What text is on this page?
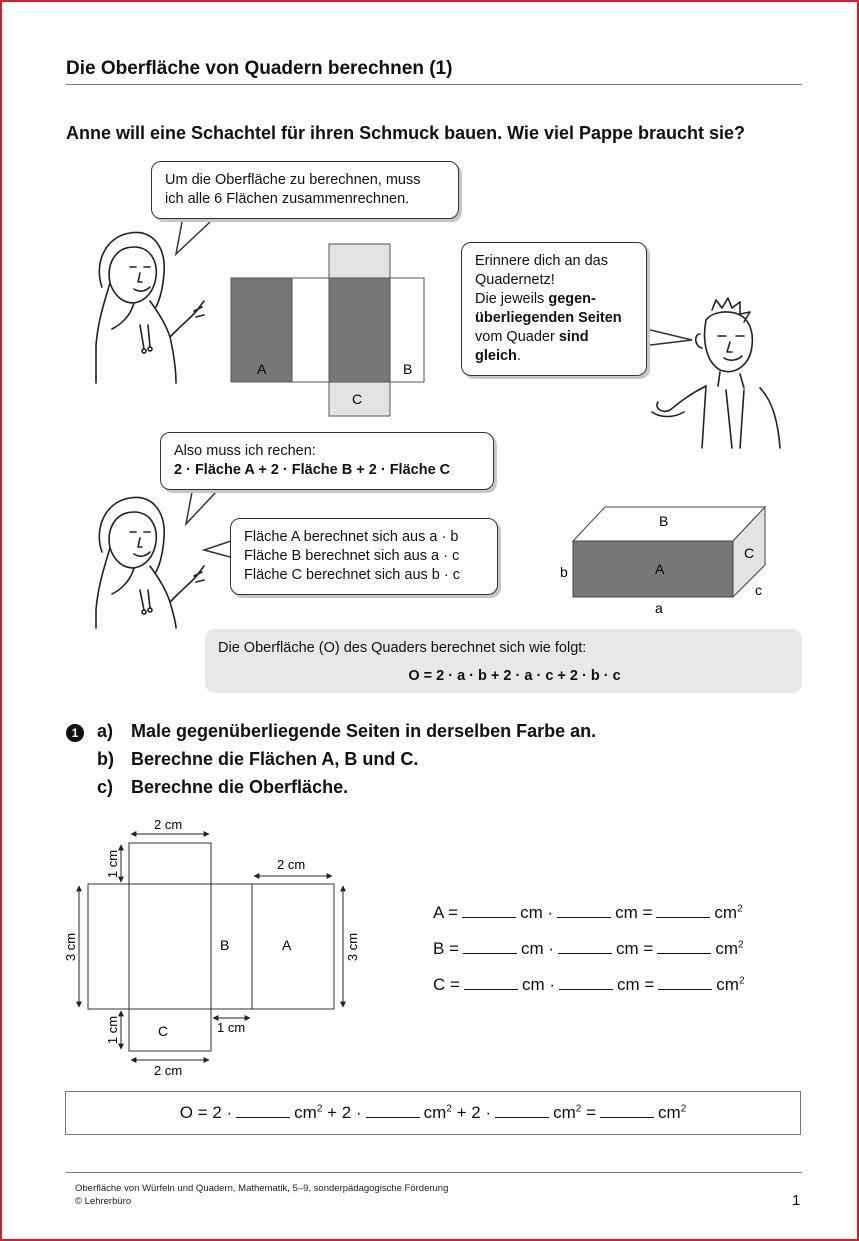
Die Oberfläche von Quadern berechnen (1)
Anne will eine Schachtel für ihren Schmuck bauen. Wie viel Pappe braucht sie?
Um die Oberfläche zu berechnen, muss
ich alle 6 Flächen zusammenrechnen.
Erinnere dich an das
Quadernetz!
Die jeweils gegen-
überliegenden Seiten
vom Quader sind
gleich.
Also muss ich rechen:
2 · Fläche A + 2 · Fläche B + 2 · Fläche C
Fläche A berechnet sich aus a · b
Fläche B berechnet sich aus a · c
Fläche C berechnet sich aus b · c
A	B
C
B
A
C
b
a
c
Die Oberfläche (O) des Quaders berechnet sich wie folgt:
O = 2 · a · b + 2 · a · c + 2 · b · c
1	a) Male gegenüberliegende Seiten in derselben Farbe an.
b) Berechne die Flächen A, B und C.
c) Berechne die Oberfläche.
2 cm
1 cm	2 cm
3 cm	3 cm
1 cm	1 cm
2 cm
B	A
C
A =	cm ·	cm =	$cm^2$
B =	cm ·	cm =	$cm^2$
C =	cm ·	cm =	$cm^2$
O = 2 ·	$cm^2 + 2$ ·	$cm^2 + 2$ ·	$cm^2$ =	$cm^2$
Oberfläche von Würfeln und Quadern, Mathematik, 5–9, sonderpädagogische Förderung
© Lehrerbüro	1
